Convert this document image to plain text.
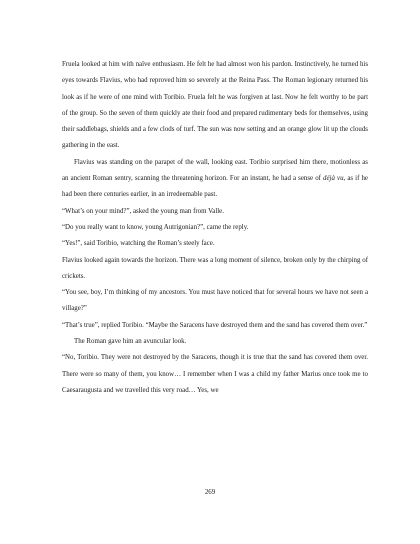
Fruela looked at him with naïve enthusiasm. He felt he had almost won his pardon. Instinctively, he turned his eyes towards Flavius, who had reproved him so severely at the Reina Pass. The Roman legionary returned his look as if he were of one mind with Toribio. Fruela felt he was forgiven at last. Now he felt worthy to be part of the group. So the seven of them quickly ate their food and prepared rudimentary beds for themselves, using their saddlebags, shields and a few clods of turf. The sun was now setting and an orange glow lit up the clouds gathering in the east.

Flavius was standing on the parapet of the wall, looking east. Toribio surprised him there, motionless as an ancient Roman sentry, scanning the threatening horizon. For an instant, he had a sense of déjà vu, as if he had been there centuries earlier, in an irredeemable past.

“What’s on your mind?”, asked the young man from Valle.

“Do you really want to know, young Autrigonian?”, came the reply.

“Yes!”, said Toribio, watching the Roman’s steely face.

Flavius looked again towards the horizon. There was a long moment of silence, broken only by the chirping of crickets.

“You see, boy, I’m thinking of my ancestors. You must have noticed that for several hours we have not seen a village?”

“That’s true”, replied Toribio. “Maybe the Saracens have destroyed them and the sand has covered them over.”

The Roman gave him an avuncular look.

“No, Toribio. They were not destroyed by the Saracens, though it is true that the sand has covered them over. There were so many of them, you know… I remember when I was a child my father Marius once took me to Caesaraugusta and we travelled this very road… Yes, we

269
